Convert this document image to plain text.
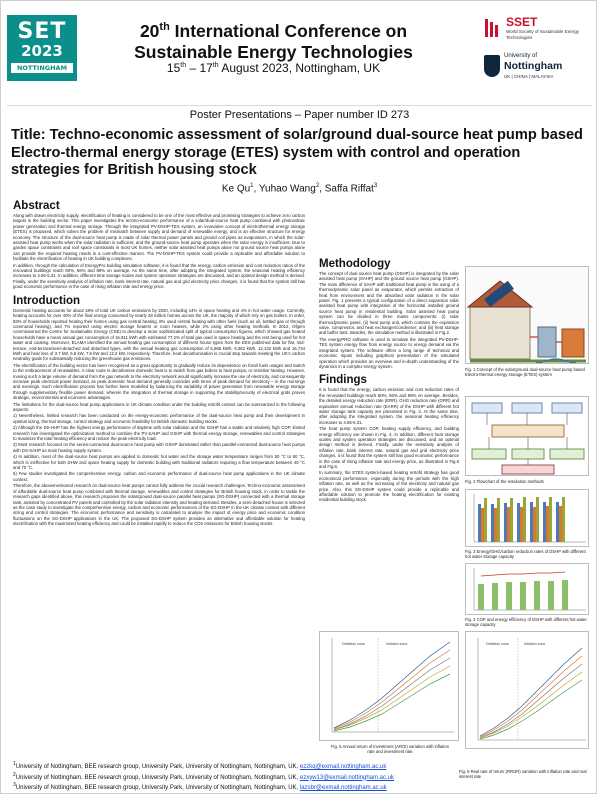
SET
2023
NOTTINGHAM
20th International Conference on
Sustainable Energy Technologies
15th – 17th August 2023, Nottingham, UK
SSET
World Society of Sustainable Energy Technologies
University of
Nottingham
UK | CHINA | MALAYSIA
Poster Presentations – Paper number ID 273
Title: Techno-economic assessment of solar/ground dual-source heat pump based Electro-thermal energy storage (ETES) system with control and operation strategies for British housing stock
Ke Qu$^1$, Yuhao Wang$^2$, Saffa Riffat$^3$
Abstract

Along with drawn electricity supply, electrification of heating is considered to be one of the most effective and promising strategies to achieve zero carbon targets in the building sector. This paper investigates the techno-economic performance of a solar/dual-source heat pump combined with photovoltaic power generation and thermal energy storage. Through the integrated PV-DSHP-TES system, an innovative concept of electrothermal energy storage (ETES) is proposed, which solves the problem of mismatch between supply and demand of renewable energy, and is an effective structure for energy economy. The structure of the dual-source heat pump is made of solar thermal power panels and ground coil pipes as evaporators, in which the solar-assisted heat pump works when the solar radiation is sufficient, and the ground-source heat pump operates when the solar energy is insufficient. Due to garden space constraints and roof space constraints in most UK homes, neither solar assisted heat pumps alone nor ground source heat pumps alone can provide the required heating needs in a cost-effective manner. The PV-DSHP-TES system could provide a replicable and affordable solution to facilitate the electrification of heating in UK building complexes.

In addition, through the calculation of EnergyPro building simulation software, it is found that the energy, carbon emission and cost reduction ratios of the renovated buildings reach 60%, 56% and 89% on average. As the same time, after adopting the integrated system, the seasonal heating efficiency increases to 4.66-5.31. In addition, different time storage scales and system operation strategies are discussed, and an optimal design method is derived. Finally, under the sensitivity analysis of inflation rate, bank interest rate, natural gas and grid electricity price changes, it is found that the system still has good economic performance in the case of rising inflation rate and energy price.

Introduction

Domestic heating accounts for about 18% of total UK carbon emissions by 2020, including 14% in space heating and 4% in hot water usage. Currently, heating accounts for over 40% of the final energy consumed by nearly 28 million homes across the UK, the majority of which rely on gas boilers. In order, 83% of households reported heating their homes using gas central heating, 8% used central heating with other fuels (such as oil, bottled gas or through communal heating), and 7% reported using electric storage heaters or room heaters, while 2% using other heating methods. In 2012, Ofgem commissioned the Centre for Sustainable Energy (CSE) to develop a more sophisticated split of typical consumption figures, which showed gas heated households have a mean annual gas consumption of 15,911 kWh with estimated 77.2% of total gas used in space heating and the rest being used for hot water and cooking. Moreover, ELAMA identified the annual heating gas consumption of different house types from the EES published data for flat, mid-terrace, end-terrace/semi-detached and detached types, with the annual heating gas consumption of 5,665 kWh, 9,362 kWh, 12,132 kWh and 16,734 kWh and heat loss of 3.7 kW, 5.6 kW, 7.5 kW and 12.2 kW, respectively. Therefore, heat decarbonisation is crucial step towards meeting the UK's carbon neutrality goals for substantially reducing the greenhouse gas emissions.

The electrification of the building sector has been recognised as a great opportunity to gradually reduce its dependence on fossil fuels usages and switch to the embracement of renewables. A clear route is decarbonise domestic heat is to switch from gas boilers to heat pumps, or resistive heating. However, moving such a large volume of demand from the gas network to the electricity network would significantly increase the use of electricity, and consequently increase peak electrical power demand, as peak domestic heat demand generally coincides with times of peak demand for electricity – in the mornings and evenings. Such electrification process has further been modelled by balancing the variability of power generation from renewable energy storage through supplementary flexible power demand, wherein the integration of thermal storage in supporting the stability/security of electrical grids proves strategic, environmental and economic advantages.

The limitations for the dual-source heat pump applications in UK climate condition under the building retrofit context can be summarized in the following aspects:

1) Nevertheless, limited research has been conducted on the energy-economic performance of the dual-source heat pump and their development in optimal sizing, thermal storage, control strategy and economic feasibility for British domestic building stocks.

2) Although the DS-HHP has the highest energy performance of daytime with solar radiation and the GSHP has a stable and relatively high COP, limited research has investigated the optimization method to combine the PV-SAHP and GSHP with thermal energy storage, renewables and control strategies to maximize the total heating efficiency and reduce the peak electricity load.

3) Most research focused on the series-connected dual-source heat pump with GSHP dominated rather than parallel-connected dual-source heat pumps with DS-SAHP as main heating supply system.

4) In addition, most of the dual-source heat pumps are applied to domestic hot water and the storage water temperature ranges from 50 °C to 60 °C, which is ineffective for both DHW and space heating supply for domestic building with traditional radiators requiring a flow temperature between 40 °C and 70 °C.

5) Few studies investigated the comprehensive energy, carbon and economic performance of dual-source heat pump applications in the UK climate context.

Therefore, the abovementioned research on dual-source heat pumps cannot fully address the crucial research challenges. Techno-economic assessment of affordable dual-source heat pump combined with thermal storage, renewables and control strategies for British housing stock, in order to tackle the research gaps identified above, this research proposes the solar/ground dual-source parallel heat pumps (SG-DSHP) connected with a thermal storage tank, assisted by concentrated PV panels and controlled by the solar radiation intensity and heating demand. Besides, a semi-detached house is selected as the case study to investigate the comprehensive energy, carbon and economic performances of the SG-DSHP in the UK climate context with different sizing and control strategies. The economic performance and sensitivity is calculated to analyse the impact of energy price and economic condition fluctuations on the SG-DSHP applications in the UK. The proposed SG-DSHP system provides an alternative and affordable solution for heating electrification with the maximized heating efficiency and could be installed rapidly to reduce the CO2 emissions for British housing stocks.

Methodology

The concept of dual source heat pump (DSHP) is integrated by the solar assisted heat pump (SAHP) and the ground source heat pump (GSHP). The main difference of SAHP with traditional heat pump is the using of a thermodynamic solar panel as evaporator, which permits extraction of heat from environment and the absorbed solar radiation in the solar panel. Fig. 1 presents a typical configuration of a direct expansion solar assisted heat pump with integration of the horizontal installed ground source heat pump in residential building. Solar assisted heat pump system can be divided in three mains components: (i) solar thermodynamic panel, (ii) heat pump unit, which contains the expansion valve, compressor, and heat exchanger/condenser; and (iii) heat storage and buffer tank. Besides, the simulation method is illustrated in Fig.2.

The energyPRO software is used to simulate the integrated PV-DSHP-TES system energy flow from energy source to energy demand via the integrated system. The software offers a long range of technical and economic inputs including graphical presentation of the simulated operation which provides an overview and in-depth understanding of the dynamics in a complex energy system.

Findings

It is found that the energy, carbon emission and cost reduction rates of the renovated buildings reach 60%, 56% and 89% on average. Besides, the detailed energy reduction rate (ERR), GHG reduction rate (GRR) and equivalent annual reduction rate (EARR) of the DSHP with different hot water storage tank capacity are presented in Fig. 3. At the same time, after adopting the integrated system, the seasonal heating efficiency increases to 4.66-5.31.

The heat pump system COP, heating supply efficiency, and building energy efficiency are shown in Fig. 4. In addition, different heat storage scales and system operation strategies are discussed, and an optimal design method is derived. Finally, under the sensitivity analysis of inflation rate, bank interest rate, natural gas and grid electricity price changes, it is found that the system still has good economic performance in the case of rising inflation rate and energy price, as illustrated in Fig.5 and Fig.6.

In summary, the ETES system-based heating retrofit strategy has good economical performance, especially during the periods with the high inflation rate, as well as the increasing of the electricity and natural gas price. Also, this SG-DSHP system could provide a replicable and affordable solution to promote the heating electrification for existing residential building stock.

Fig. 1 Concept of the solar/ground dual-source heat pump based Electro-thermal energy storage (ETES) system
Fig. 2 Flowchart of the simulation methods
Fig. 3 Energy/GHG/carbon reduction rates of DSHP with different hot water storage capacity
Fig. 4 COP and energy efficiency of DSHP with different hot water storage capacity
Deflation zone	Inflation zone
Fig. 5 Annual return of investment (AROI) variation with inflation rate and investment rate
Deflation zone	Inflation zone
Fig. 6 Real rate of return (RROR) variation with inflation rate and real interest rate
$^1$University of Nottingham, BEE research group, University Park, University of Nottingham, Nottingham, UK, ezzkq@exmail.nottingham.ac.uk
$^2$University of Nottingham, BEE research group, University Park, University of Nottingham, Nottingham, UK, ezxyw13@exmail.nottingham.ac.uk
$^3$University of Nottingham, BEE research group, University Park, University of Nottingham, Nottingham, UK, lazsbr@exmail.nottingham.ac.uk
